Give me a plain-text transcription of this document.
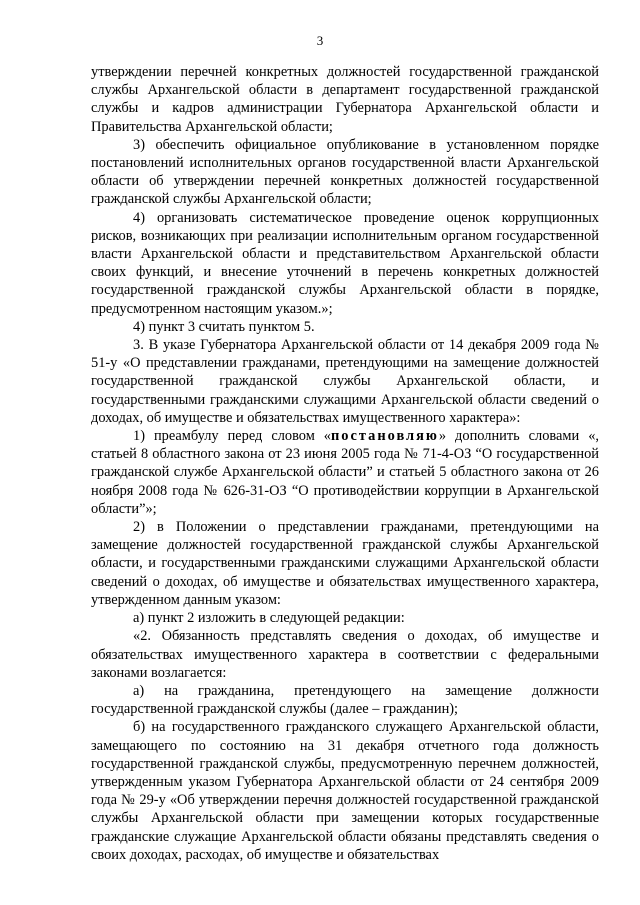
3

утверждении перечней конкретных должностей государственной гражданской службы Архангельской области в департамент государственной гражданской службы и кадров администрации Губернатора Архангельской области и Правительства Архангельской области;

3) обеспечить официальное опубликование в установленном порядке постановлений исполнительных органов государственной власти Архангельской области об утверждении перечней конкретных должностей государственной гражданской службы Архангельской области;

4) организовать систематическое проведение оценок коррупционных рисков, возникающих при реализации исполнительным органом государственной власти Архангельской области и представительством Архангельской области своих функций, и внесение уточнений в перечень конкретных должностей государственной гражданской службы Архангельской области в порядке, предусмотренном настоящим указом.»;

4) пункт 3 считать пунктом 5.

3. В указе Губернатора Архангельской области от 14 декабря 2009 года № 51-у «О представлении гражданами, претендующими на замещение должностей государственной гражданской службы Архангельской области, и государственными гражданскими служащими Архангельской области сведений о доходах, об имуществе и обязательствах имущественного характера»:

1) преамбулу перед словом «постановляю» дополнить словами «, статьей 8 областного закона от 23 июня 2005 года № 71-4-ОЗ “О государственной гражданской службе Архангельской области” и статьей 5 областного закона от 26 ноября 2008 года № 626-31-ОЗ “О противодействии коррупции в Архангельской области”»;

2) в Положении о представлении гражданами, претендующими на замещение должностей государственной гражданской службы Архангельской области, и государственными гражданскими служащими Архангельской области сведений о доходах, об имуществе и обязательствах имущественного характера, утвержденном данным указом:

а) пункт 2 изложить в следующей редакции:

«2. Обязанность представлять сведения о доходах, об имуществе и обязательствах имущественного характера в соответствии с федеральными законами возлагается:

а) на гражданина, претендующего на замещение должности государственной гражданской службы (далее – гражданин);

б) на государственного гражданского служащего Архангельской области, замещающего по состоянию на 31 декабря отчетного года должность государственной гражданской службы, предусмотренную перечнем должностей, утвержденным указом Губернатора Архангельской области от 24 сентября 2009 года № 29-у «Об утверждении перечня должностей государственной гражданской службы Архангельской области при замещении которых государственные гражданские служащие Архангельской области обязаны представлять сведения о своих доходах, расходах, об имуществе и обязательствах
